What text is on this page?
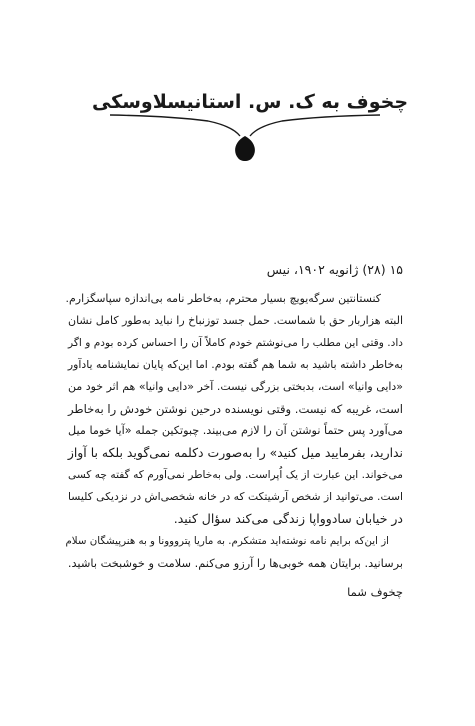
چخوف به ک. س. استانیسلاوسکی
۱۵ (۲۸) ژانویه ۱۹۰۲، نیس
کنستانتین سرگه‌یویچ بسیار محترم، به‌خاطر نامه بی‌اندازه سپاسگزارم.
البته هزاربار حق با شماست. حمل جسد توزنباخ را نباید به‌طور کامل نشان
داد. وقتی این مطلب را می‌نوشتم خودم کاملاً آن را احساس کرده بودم و اگر
به‌خاطر داشته باشید به شما هم گفته بودم. اما این‌که پایان نمایشنامه یادآور
«دایی وانیا» است، بدبختی بزرگی نیست. آخر «دایی وانیا» هم اثر خود من
است، غریبه که نیست. وقتی نویسنده درحین نوشتن خودش را به‌خاطر
می‌آورد پس حتماً نوشتن آن را لازم می‌بیند. چبوتکین جمله «آیا خوما میل
ندارید، بفرمایید میل کنید» را به‌صورت دکلمه نمی‌گوید بلکه با آواز
می‌خواند. این عبارت از یک اُپراست. ولی به‌خاطر نمی‌آورم که گفته چه کسی
است. می‌توانید از شخص آرشیتکت که در خانه شخصی‌اش در نزدیکی کلیسا
در خیابان سادوواپا زندگی می‌کند سؤال کنید.
از این‌که برایم نامه نوشته‌اید متشکرم. به ماریا پترووونا و به هنرپیشگان سلام
برسانید. برایتان همه خوبی‌ها را آرزو می‌کنم. سلامت و خوشبخت باشید.
چخوف شما
